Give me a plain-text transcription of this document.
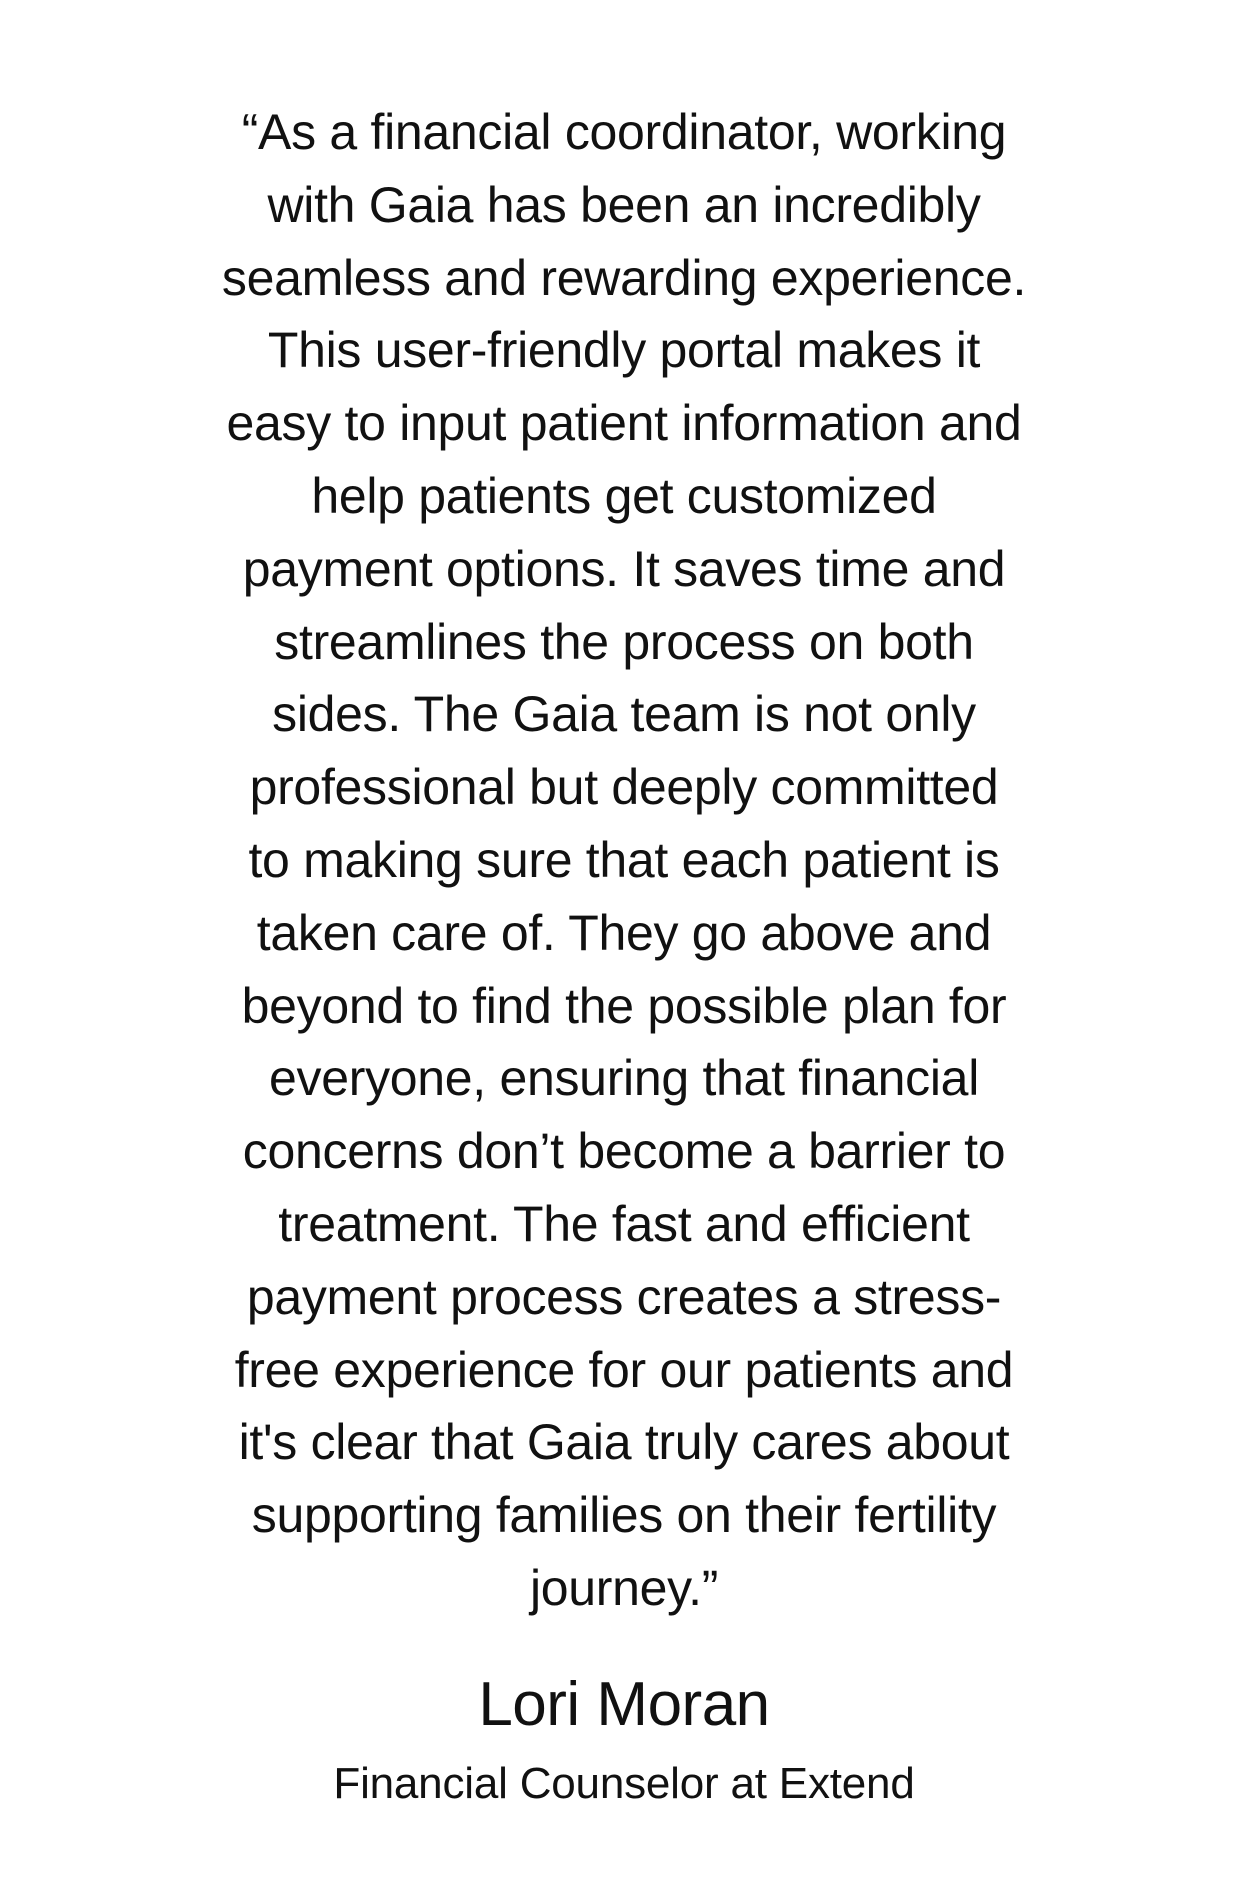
“As a financial coordinator, working
with Gaia has been an incredibly
seamless and rewarding experience.
This user-friendly portal makes it
easy to input patient information and
help patients get customized
payment options. It saves time and
streamlines the process on both
sides. The Gaia team is not only
professional but deeply committed
to making sure that each patient is
taken care of. They go above and
beyond to find the possible plan for
everyone, ensuring that financial
concerns don’t become a barrier to
treatment. The fast and efficient
payment process creates a stress-
free experience for our patients and
it's clear that Gaia truly cares about
supporting families on their fertility
journey.”
Lori Moran

Financial Counselor at Extend
